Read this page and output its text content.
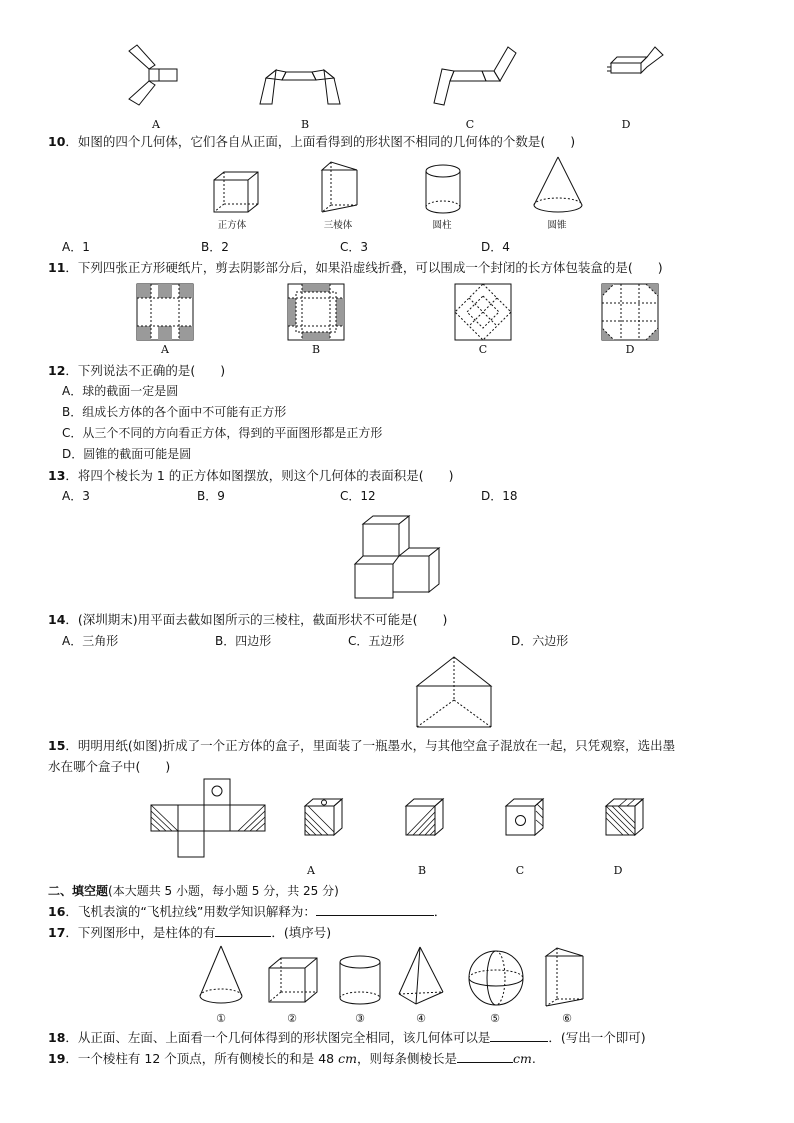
A	B	C	D
10．如图的四个几何体，它们各自从正面，上面看得到的形状图不相同的几何体的个数是(　　)
正方体	三棱体	圆柱	圆锥
A．1	B．2	C．3	D．4
11．下列四张正方形硬纸片，剪去阴影部分后，如果沿虚线折叠，可以围成一个封闭的长方体包装盒的是(　　)
A	B	C	D
12．下列说法不正确的是(　　)
A．球的截面一定是圆
B．组成长方体的各个面中不可能有正方形
C．从三个不同的方向看正方体，得到的平面图形都是正方形
D．圆锥的截面可能是圆
13．将四个棱长为 1 的正方体如图摆放，则这个几何体的表面积是(　　)
A．3	B．9	C．12	D．18
14．(深圳期末)用平面去截如图所示的三棱柱，截面形状不可能是(　　)
A．三角形	B．四边形	C．五边形	D．六边形
15．明明用纸(如图)折成了一个正方体的盒子，里面装了一瓶墨水，与其他空盒子混放在一起，只凭观察，选出墨
水在哪个盒子中(　　)
A	B	C	D
二、填空题(本大题共 5 小题，每小题 5 分，共 25 分)
16．飞机表演的“飞机拉线”用数学知识解释为：	．
17．下列图形中，是柱体的有	．(填序号)
①	②	③	④	⑤	⑥
18．从正面、左面、上面看一个几何体得到的形状图完全相同，该几何体可以是	．(写出一个即可)
19．一个棱柱有 12 个顶点，所有侧棱长的和是 48 cm，则每条侧棱长是	cm.
